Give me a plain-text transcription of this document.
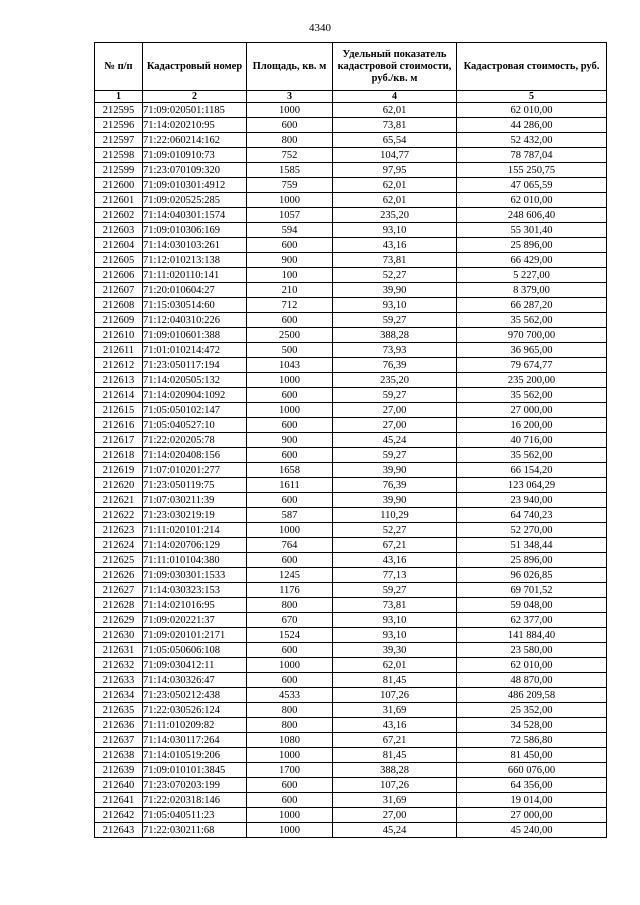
4340
№ п/п	Кадастровый номер	Площадь, кв. м	Удельный показатель кадастровой стоимости, руб./кв. м	Кадастровая стоимость, руб.
1	2	3	4	5
212595	71:09:020501:1185	1000	62,01	62 010,00
212596	71:14:020210:95	600	73,81	44 286,00
212597	71:22:060214:162	800	65,54	52 432,00
212598	71:09:010910:73	752	104,77	78 787,04
212599	71:23:070109:320	1585	97,95	155 250,75
212600	71:09:010301:4912	759	62,01	47 065,59
212601	71:09:020525:285	1000	62,01	62 010,00
212602	71:14:040301:1574	1057	235,20	248 606,40
212603	71:09:010306:169	594	93,10	55 301,40
212604	71:14:030103:261	600	43,16	25 896,00
212605	71:12:010213:138	900	73,81	66 429,00
212606	71:11:020110:141	100	52,27	5 227,00
212607	71:20:010604:27	210	39,90	8 379,00
212608	71:15:030514:60	712	93,10	66 287,20
212609	71:12:040310:226	600	59,27	35 562,00
212610	71:09:010601:388	2500	388,28	970 700,00
212611	71:01:010214:472	500	73,93	36 965,00
212612	71:23:050117:194	1043	76,39	79 674,77
212613	71:14:020505:132	1000	235,20	235 200,00
212614	71:14:020904:1092	600	59,27	35 562,00
212615	71:05:050102:147	1000	27,00	27 000,00
212616	71:05:040527:10	600	27,00	16 200,00
212617	71:22:020205:78	900	45,24	40 716,00
212618	71:14:020408:156	600	59,27	35 562,00
212619	71:07:010201:277	1658	39,90	66 154,20
212620	71:23:050119:75	1611	76,39	123 064,29
212621	71:07:030211:39	600	39,90	23 940,00
212622	71:23:030219:19	587	110,29	64 740,23
212623	71:11:020101:214	1000	52,27	52 270,00
212624	71:14:020706:129	764	67,21	51 348,44
212625	71:11:010104:380	600	43,16	25 896,00
212626	71:09:030301:1533	1245	77,13	96 026,85
212627	71:14:030323:153	1176	59,27	69 701,52
212628	71:14:021016:95	800	73,81	59 048,00
212629	71:09:020221:37	670	93,10	62 377,00
212630	71:09:020101:2171	1524	93,10	141 884,40
212631	71:05:050606:108	600	39,30	23 580,00
212632	71:09:030412:11	1000	62,01	62 010,00
212633	71:14:030326:47	600	81,45	48 870,00
212634	71:23:050212:438	4533	107,26	486 209,58
212635	71:22:030526:124	800	31,69	25 352,00
212636	71:11:010209:82	800	43,16	34 528,00
212637	71:14:030117:264	1080	67,21	72 586,80
212638	71:14:010519:206	1000	81,45	81 450,00
212639	71:09:010101:3845	1700	388,28	660 076,00
212640	71:23:070203:199	600	107,26	64 356,00
212641	71:22:020318:146	600	31,69	19 014,00
212642	71:05:040511:23	1000	27,00	27 000,00
212643	71:22:030211:68	1000	45,24	45 240,00
